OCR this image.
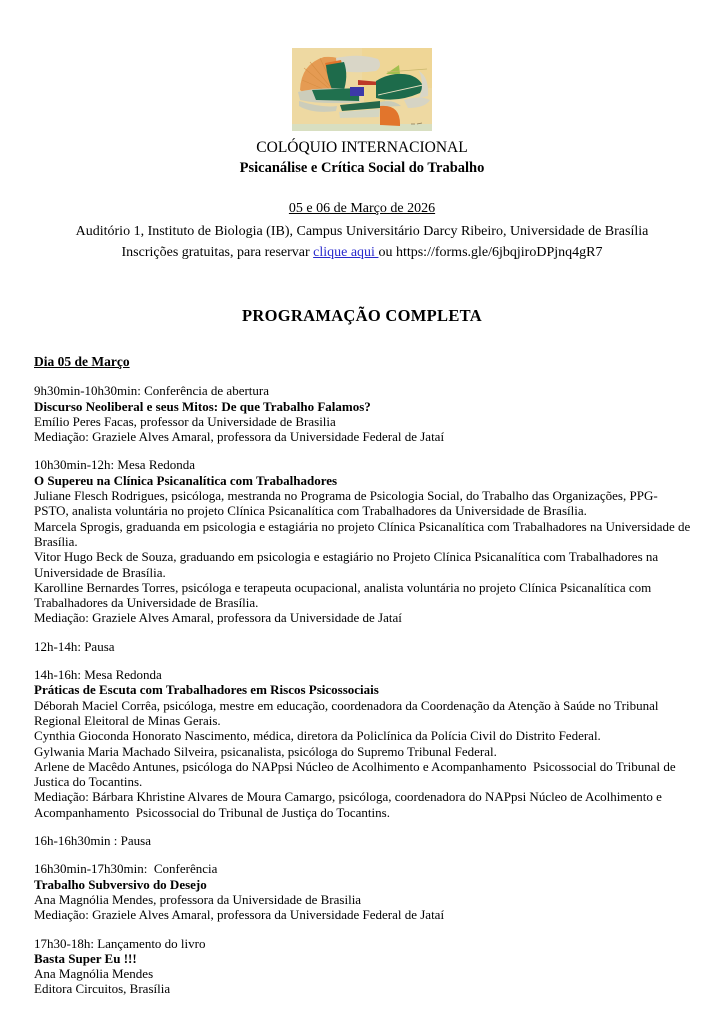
COLÓQUIO INTERNACIONAL
Psicanálise e Crítica Social do Trabalho
05 e 06 de Março de 2026
Auditório 1, Instituto de Biologia (IB), Campus Universitário Darcy Ribeiro, Universidade de Brasília
Inscrições gratuitas, para reservar clique aqui ou https://forms.gle/6jbqjiroDPjnq4gR7
PROGRAMAÇÃO COMPLETA

Dia 05 de Março

9h30min-10h30min: Conferência de abertura

Discurso Neoliberal e seus Mitos: De que Trabalho Falamos?

Emílio Peres Facas, professor da Universidade de Brasilia

Mediação: Graziele Alves Amaral, professora da Universidade Federal de Jataí

10h30min-12h: Mesa Redonda

O Supereu na Clínica Psicanalítica com Trabalhadores

Juliane Flesch Rodrigues, psicóloga, mestranda no Programa de Psicologia Social, do Trabalho das Organizações, PPG-PSTO, analista voluntária no projeto Clínica Psicanalítica com Trabalhadores da Universidade de Brasília.

Marcela Sprogis, graduanda em psicologia e estagiária no projeto Clínica Psicanalítica com Trabalhadores na Universidade de Brasília.

Vitor Hugo Beck de Souza, graduando em psicologia e estagiário no Projeto Clínica Psicanalítica com Trabalhadores na Universidade de Brasília.

Karolline Bernardes Torres, psicóloga e terapeuta ocupacional, analista voluntária no projeto Clínica Psicanalítica com Trabalhadores da Universidade de Brasília.

Mediação: Graziele Alves Amaral, professora da Universidade de Jataí

12h-14h: Pausa

14h-16h: Mesa Redonda

Práticas de Escuta com Trabalhadores em Riscos Psicossociais

Déborah Maciel Corrêa, psicóloga, mestre em educação, coordenadora da Coordenação da Atenção à Saúde no Tribunal Regional Eleitoral de Minas Gerais.

Cynthia Gioconda Honorato Nascimento, médica, diretora da Policlínica da Polícia Civil do Distrito Federal.

Gylwania Maria Machado Silveira, psicanalista, psicóloga do Supremo Tribunal Federal.

Arlene de Macêdo Antunes, psicóloga do NAPpsi Núcleo de Acolhimento e Acompanhamento  Psicossocial do Tribunal de Justica do Tocantins.

Mediação: Bárbara Khristine Alvares de Moura Camargo, psicóloga, coordenadora do NAPpsi Núcleo de Acolhimento e Acompanhamento  Psicossocial do Tribunal de Justiça do Tocantins.

16h-16h30min : Pausa

16h30min-17h30min:  Conferência

Trabalho Subversivo do Desejo

Ana Magnólia Mendes, professora da Universidade de Brasilia

Mediação: Graziele Alves Amaral, professora da Universidade Federal de Jataí

17h30-18h: Lançamento do livro

Basta Super Eu !!!

Ana Magnólia Mendes

Editora Circuitos, Brasília
